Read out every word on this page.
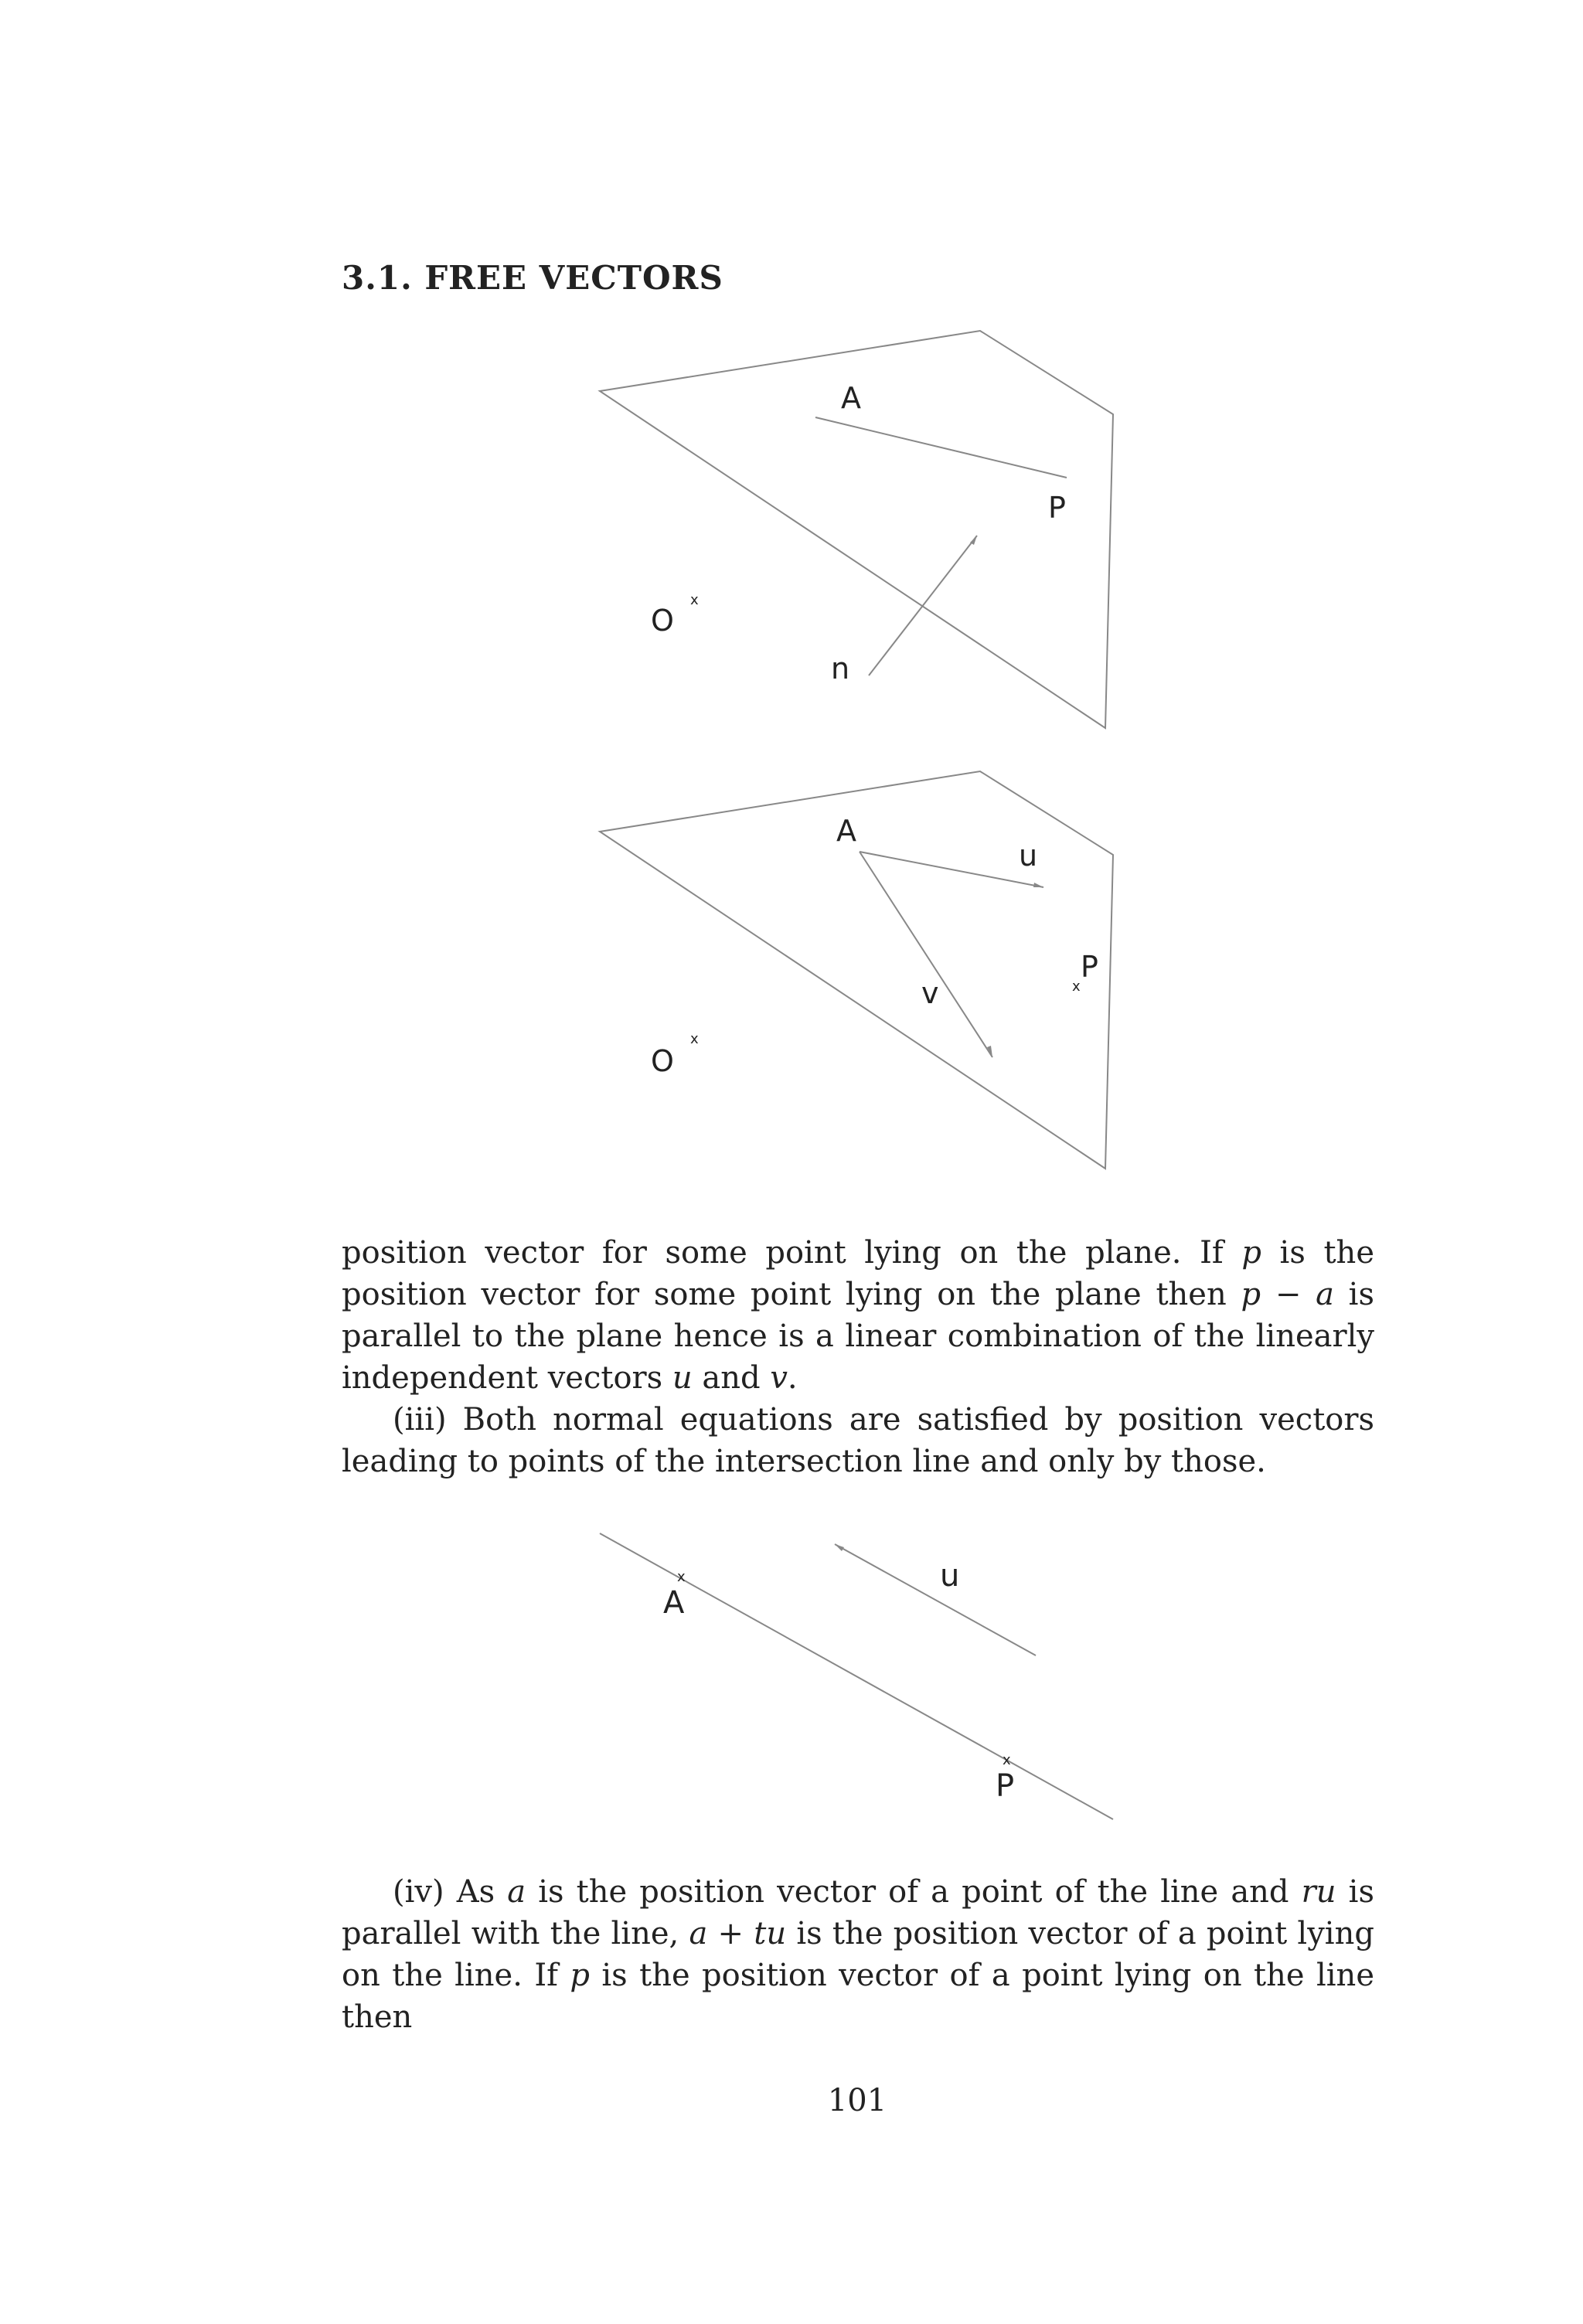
3.1. FREE VECTORS
A
P
O
x
n
A
u
v
P
x
O
x

position vector for some point lying on the plane. If p is the position vector for some point lying on the plane then p − a is parallel to the plane hence is a linear combination of the linearly independent vectors u and v.

(iii) Both normal equations are satisfied by position vectors leading to points of the intersection line and only by those.

x
A
u
x
P

(iv) As a is the position vector of a point of the line and ru is parallel with the line, a + tu is the position vector of a point lying on the line. If p is the position vector of a point lying on the line then

101
